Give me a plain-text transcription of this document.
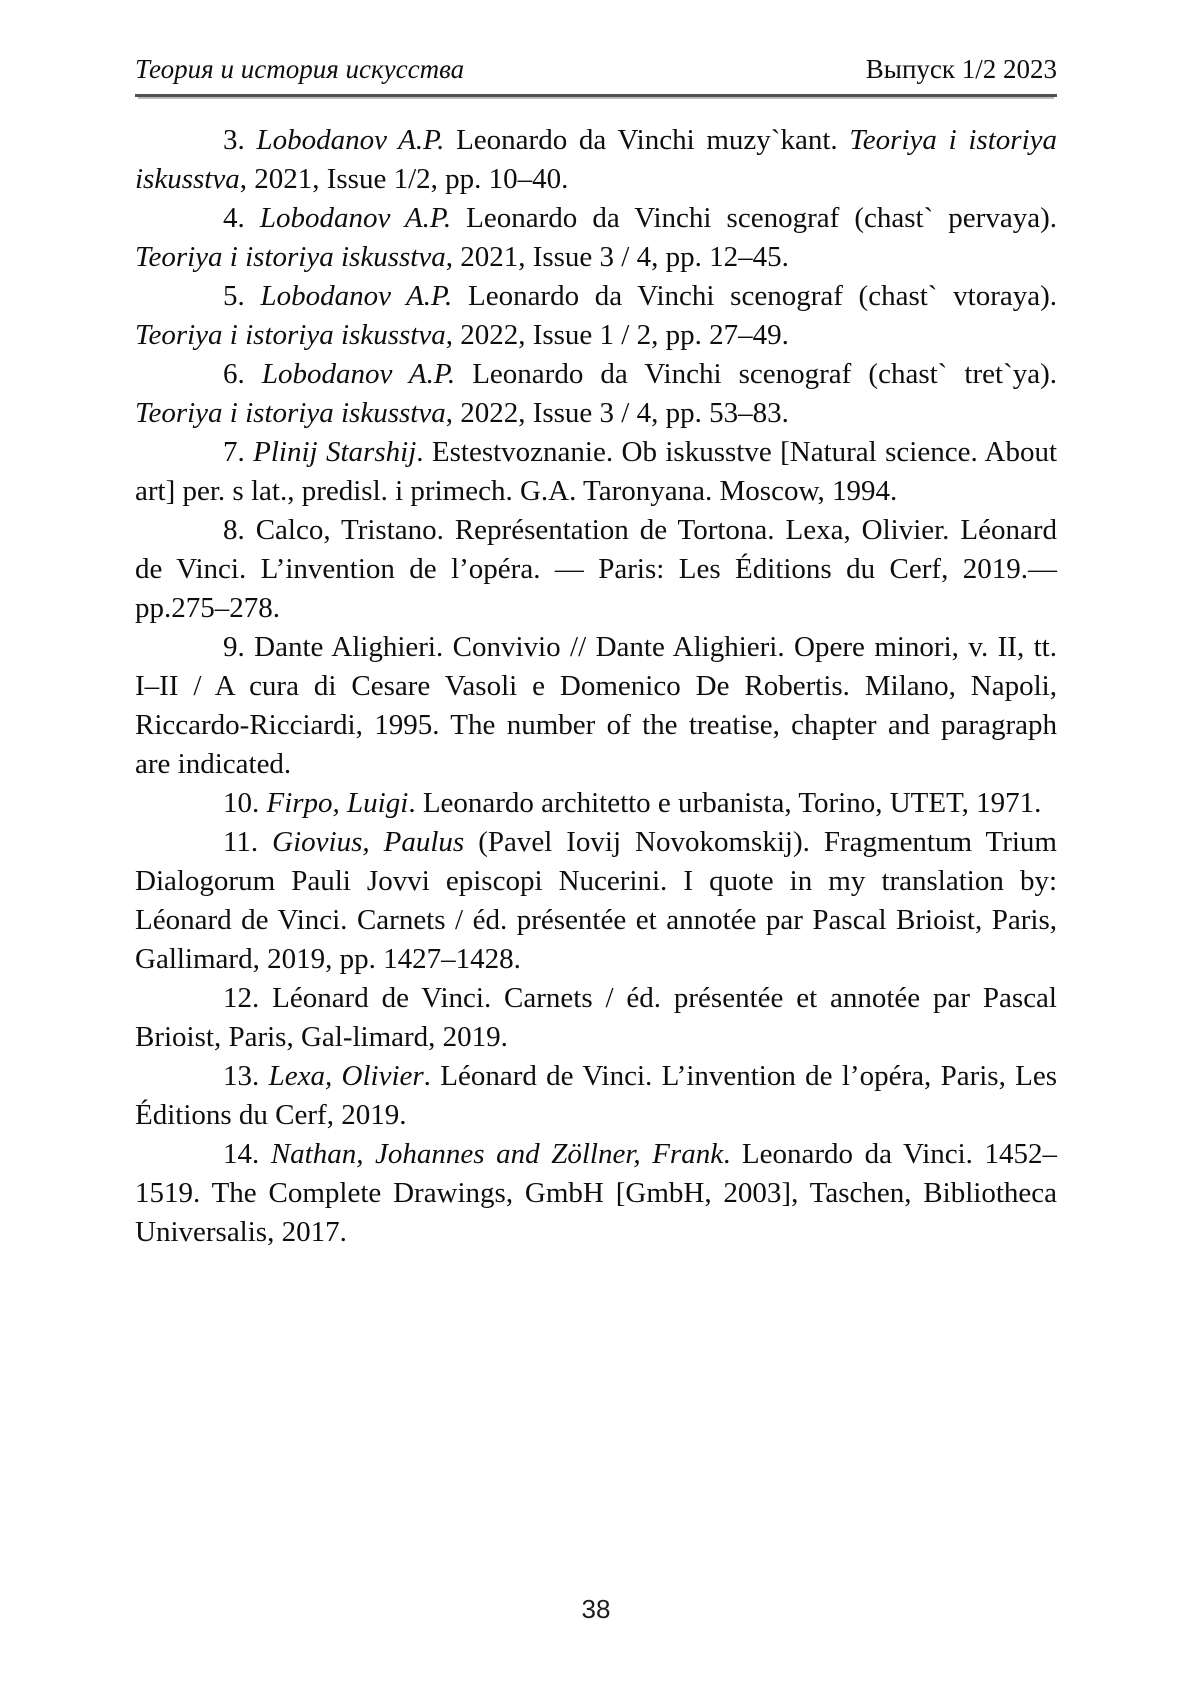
Теория и история искусства	Выпуск 1/2 2023

3. Lobodanov A.P. Leonardo da Vinchi muzy`kant. Teoriya i istoriya iskusstva, 2021, Issue 1/2, pp. 10–40.

4. Lobodanov A.P. Leonardo da Vinchi scenograf (chast` pervaya). Teoriya i istoriya iskusstva, 2021, Issue 3 / 4, pp. 12–45.

5. Lobodanov A.P. Leonardo da Vinchi scenograf (chast` vtoraya). Teoriya i istoriya iskusstva, 2022, Issue 1 / 2, pp. 27–49.

6. Lobodanov A.P. Leonardo da Vinchi scenograf (chast` tret`ya). Teoriya i istoriya iskusstva, 2022, Issue 3 / 4, pp. 53–83.

7. Plinij Starshij. Estestvoznanie. Ob iskusstve [Natural science. About art] per. s lat., predisl. i primech. G.A. Taronyana. Moscow, 1994.

8. Calco, Tristano. Représentation de Tortona. Lexa, Olivier. Léonard de Vinci. L’invention de l’opéra. — Paris: Les Éditions du Cerf, 2019.— pp.275–278.

9. Dante Alighieri. Convivio // Dante Alighieri. Opere minori, v. II, tt. I–II / A cura di Cesare Vasoli e Domenico De Robertis. Milano, Napoli, Riccardo-Ricciardi, 1995. The number of the treatise, chapter and paragraph are indicated.

10. Firpo, Luigi. Leonardo architetto e urbanista, Torino, UTET, 1971.

11. Giovius, Paulus (Pavel Iovij Novokomskij). Fragmentum Trium Dialogorum Pauli Jovvi episcopi Nucerini. I quote in my translation by: Léonard de Vinci. Carnets / éd. présentée et annotée par Pascal Brioist, Paris, Gallimard, 2019, pp. 1427–1428.

12. Léonard de Vinci. Carnets / éd. présentée et annotée par Pascal Brioist, Paris, Gal-limard, 2019.

13. Lexa, Olivier. Léonard de Vinci. L’invention de l’opéra, Paris, Les Éditions du Cerf, 2019.

14. Nathan, Johannes and Zöllner, Frank. Leonardo da Vinci. 1452–1519. The Complete Drawings, GmbH [GmbH, 2003], Taschen, Bibliotheca Universalis, 2017.

38
